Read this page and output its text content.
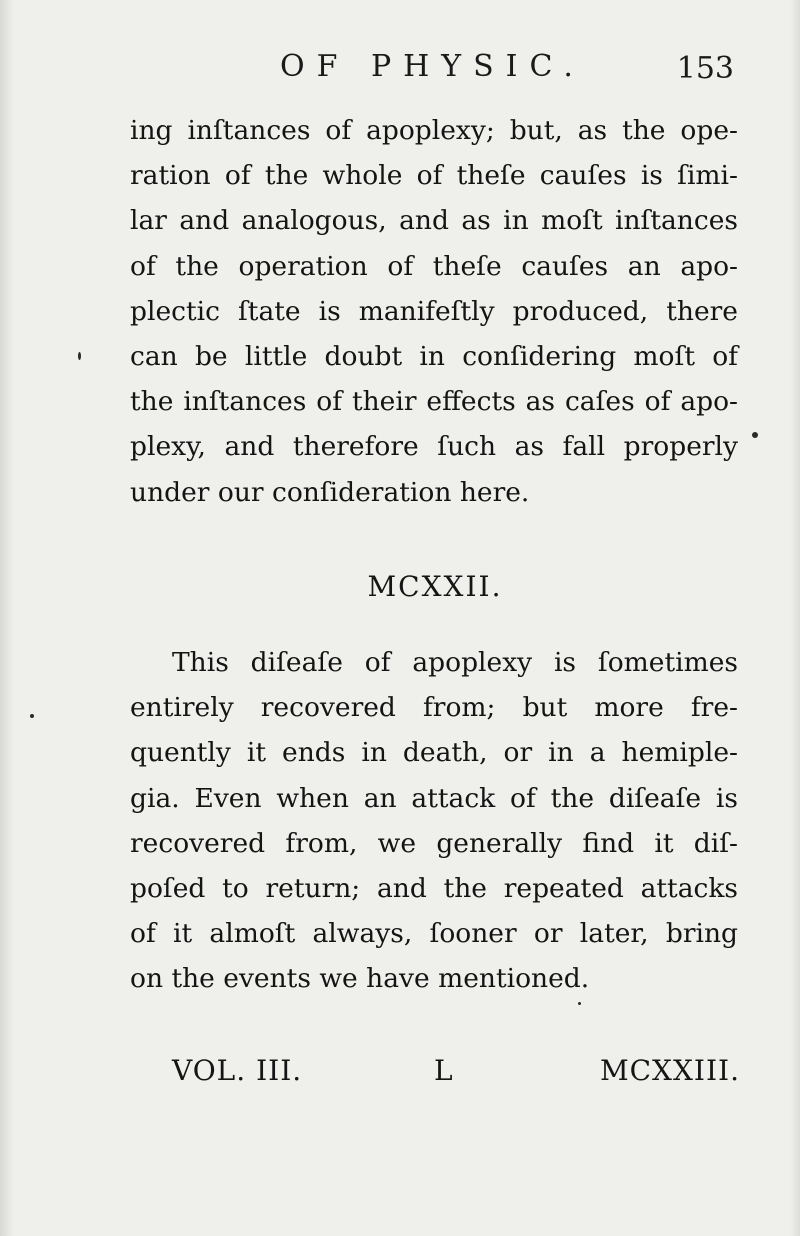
OF PHYSIC.	153
ing inſtances of apoplexy; but, as the ope-
ration of the whole of theſe cauſes is ſimi-
lar and analogous, and as in moſt inſtances
of the operation of theſe cauſes an apo-
plectic ſtate is manifeſtly produced, there
can be little doubt in conſidering moſt of
the inſtances of their effects as caſes of apo-
plexy, and therefore ſuch as fall properly
under our conſideration here.
MCXXII.
This diſeaſe of apoplexy is ſometimes
entirely recovered from; but more fre-
quently it ends in death, or in a hemiple-
gia. Even when an attack of the diſeaſe is
recovered from, we generally find it diſ-
poſed to return; and the repeated attacks
of it almoſt always, ſooner or later, bring
on the events we have mentioned.
VOL. III.	L	MCXXIII.
